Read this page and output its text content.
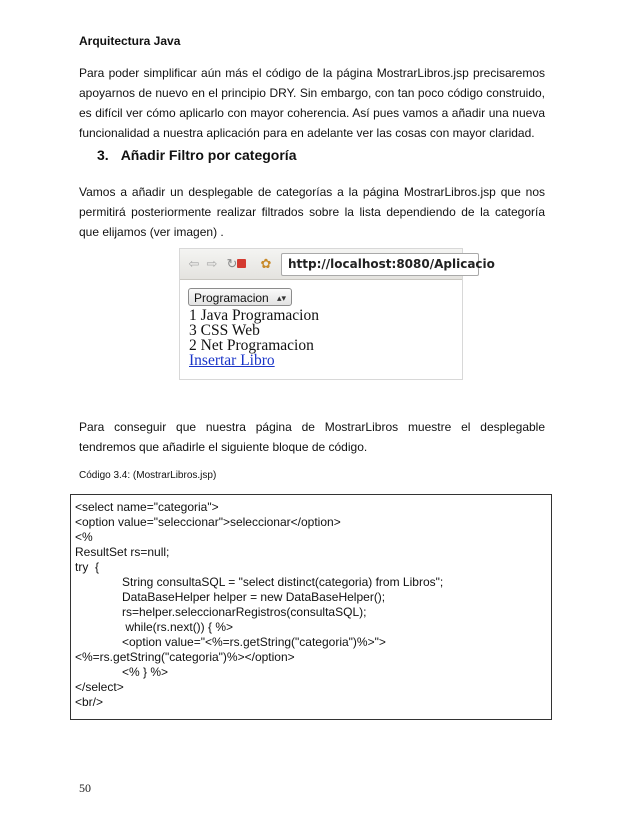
Arquitectura Java
Para poder simplificar aún más el código de la página MostrarLibros.jsp precisaremos apoyarnos de nuevo en el principio DRY. Sin embargo, con tan poco código construido, es difícil ver cómo aplicarlo con mayor coherencia. Así pues vamos a añadir una nueva funcionalidad a nuestra aplicación para en adelante ver las cosas con mayor claridad.
3. Añadir Filtro por categoría
Vamos a añadir un desplegable de categorías a la página MostrarLibros.jsp que nos permitirá posteriormente realizar filtrados sobre la lista dependiendo de la categoría que elijamos (ver imagen) .
⇦ ⇨ ↻ ✿	http://localhost:8080/Aplicacio
Programacion ▴▾
1 Java Programacion
3 CSS Web
2 Net Programacion
Insertar Libro
Para conseguir que nuestra página de MostrarLibros muestre el desplegable tendremos que añadirle el siguiente bloque de código.
Código 3.4: (MostrarLibros.jsp)
<select name="categoria">
<option value="seleccionar">seleccionar</option>
<%
ResultSet rs=null;
try  {
String consultaSQL = "select distinct(categoria) from Libros";
DataBaseHelper helper = new DataBaseHelper();
rs=helper.seleccionarRegistros(consultaSQL);
while(rs.next()) { %>
<option value="<%=rs.getString("categoria")%>">
<%=rs.getString("categoria")%></option>
<% } %>
</select>
<br/>
50
